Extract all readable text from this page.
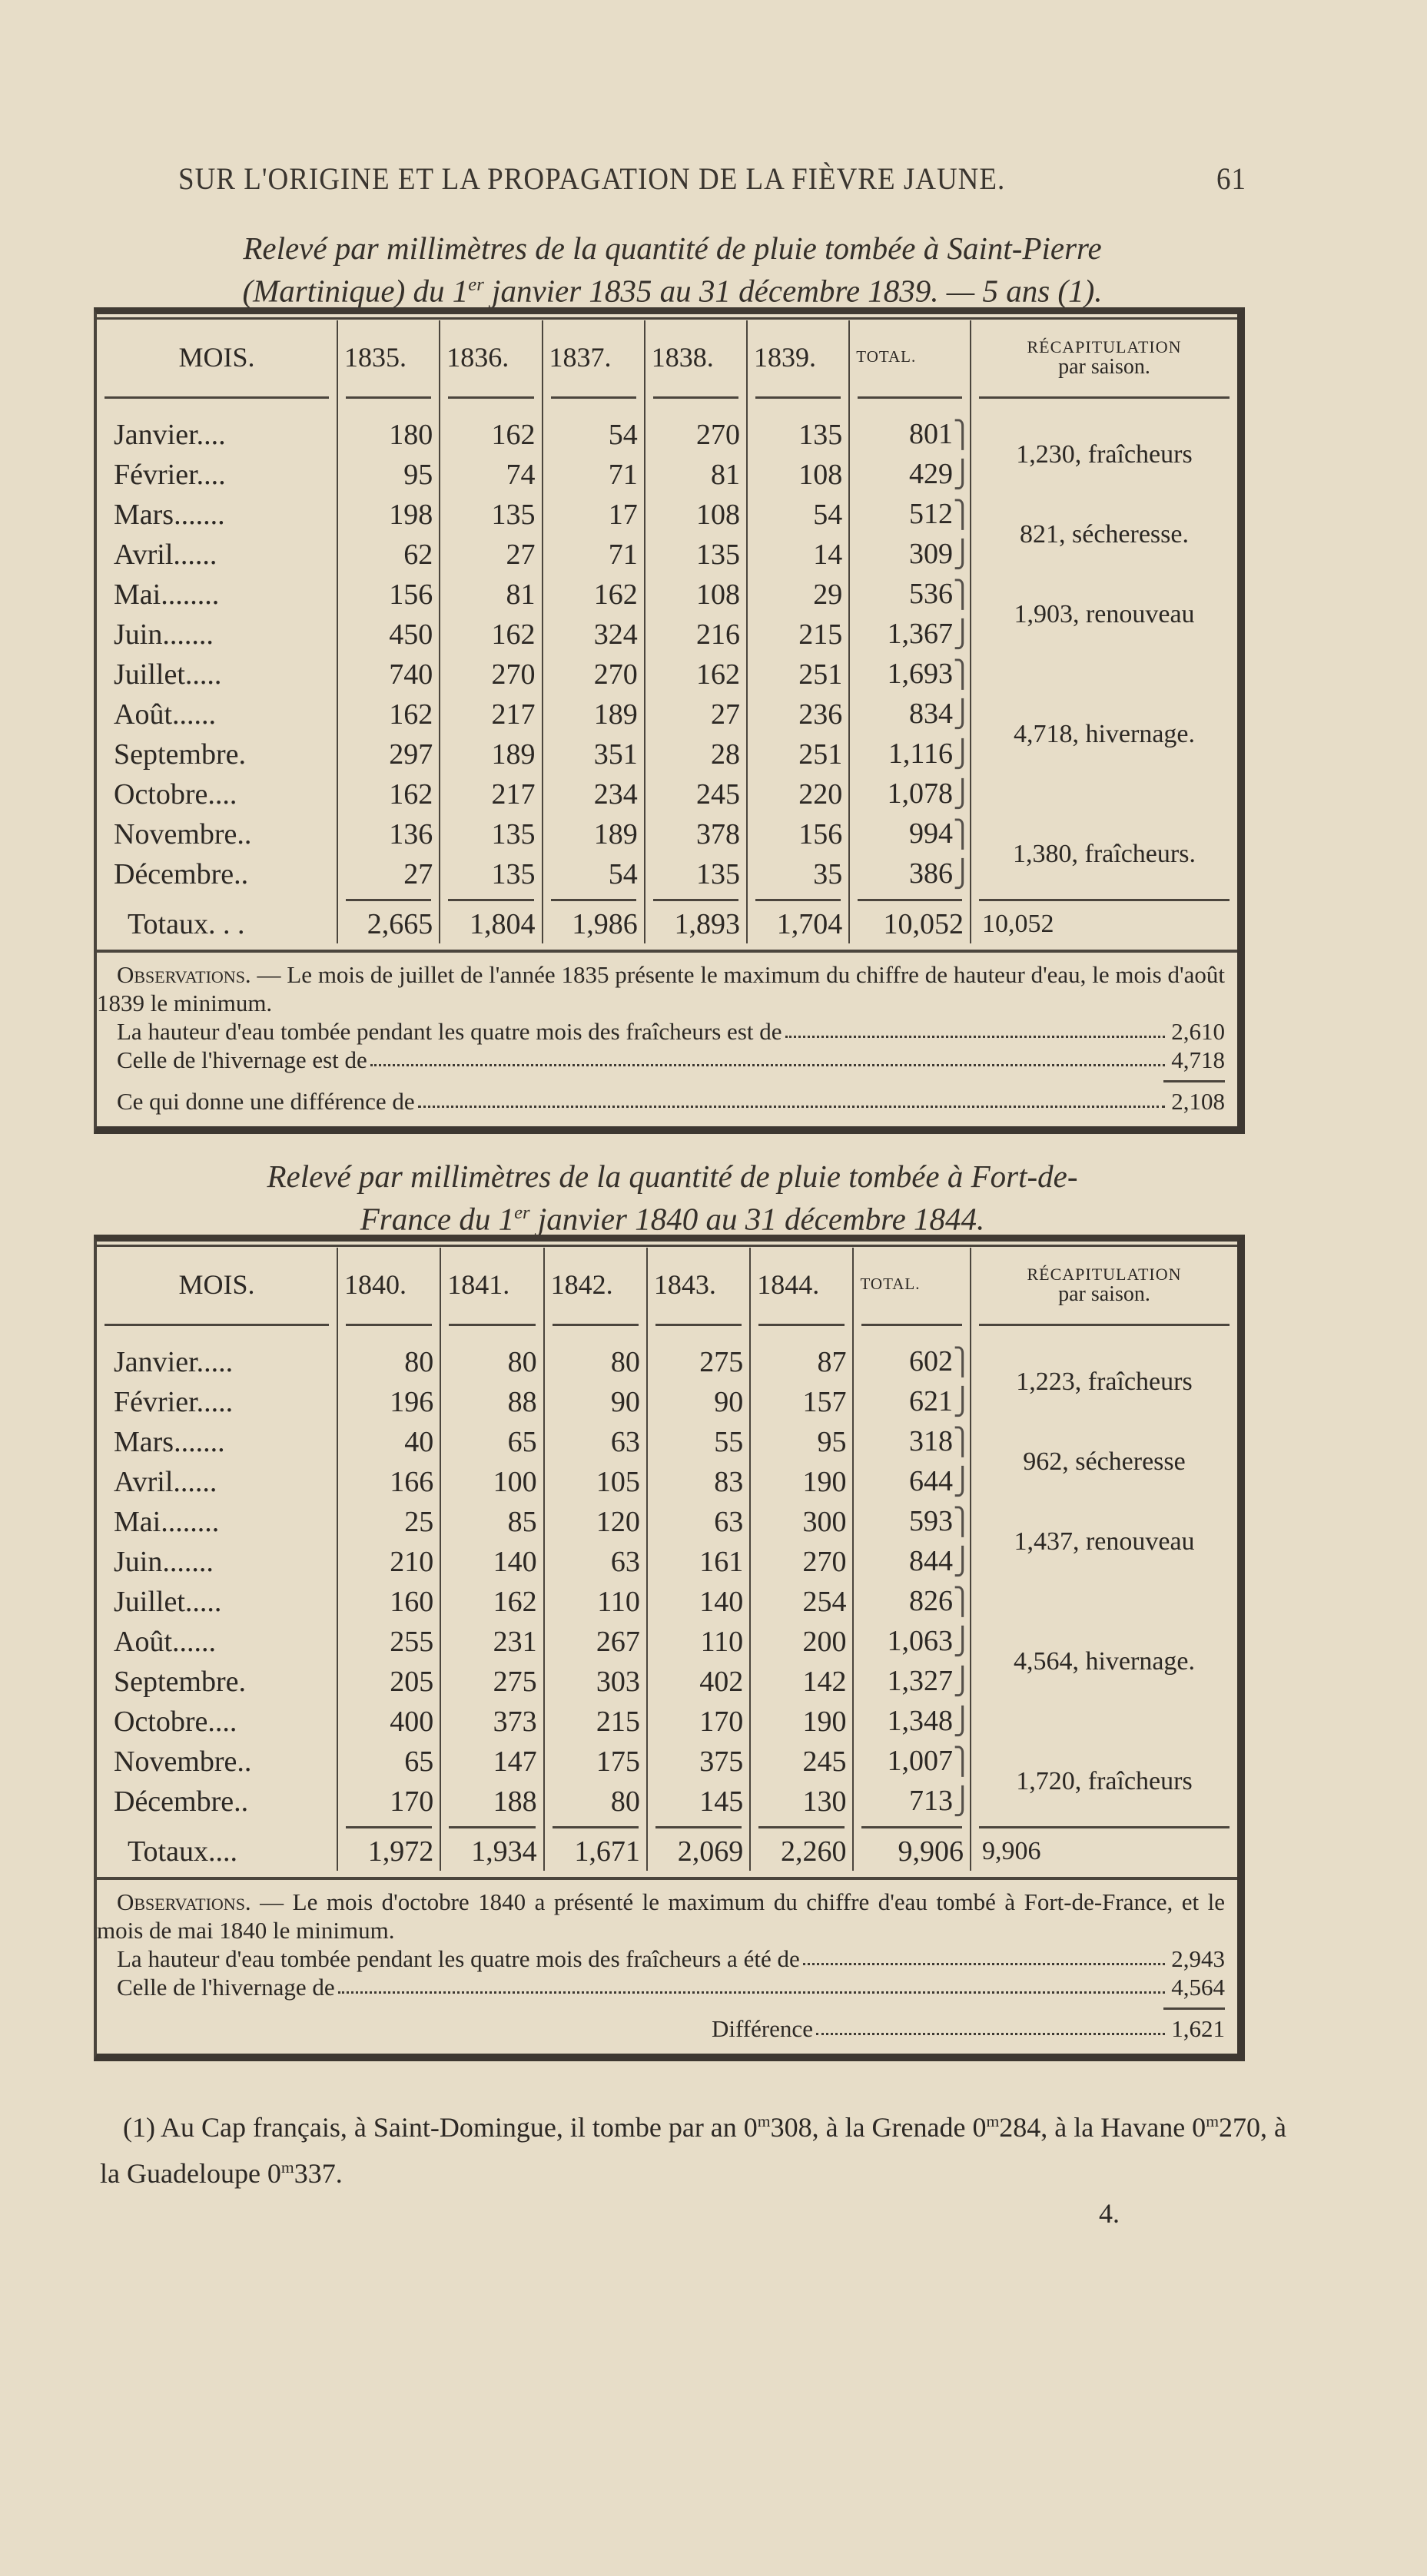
SUR L'ORIGINE ET LA PROPAGATION DE LA FIÈVRE JAUNE.	61
Relevé par millimètres de la quantité de pluie tombée à Saint-Pierre
(Martinique) du 1er janvier 1835 au 31 décembre 1839. — 5 ans (1).
MOIS.	1835.	1836.	1837.	1838.	1839.	TOTAL.	RÉCAPITULATION
par saison.

Janvier....	180	162	54	270	135	801⎫	1,230, fraîcheurs
Février....	95	74	71	81	108	429⎭	
Mars.......	198	135	17	108	54	512⎫	821, sécheresse.
Avril......	62	27	71	135	14	309⎭	
Mai........	156	81	162	108	29	536⎫	1,903, renouveau
Juin.......	450	162	324	216	215	1,367⎭	
Juillet.....	740	270	270	162	251	1,693⎫	4,718, hivernage.
Août......	162	217	189	27	236	834⎭	
Septembre.	297	189	351	28	251	1,116⎭	
Octobre....	162	217	234	245	220	1,078⎭	
Novembre..	136	135	189	378	156	994⎫	1,380, fraîcheurs.
Décembre..	27	135	54	135	35	386⎭	

Totaux. . .	2,665	1,804	1,986	1,893	1,704	10,052	10,052
Observations. — Le mois de juillet de l'année 1835 présente le maximum du chiffre de hauteur d'eau, le mois d'août 1839 le minimum.
La hauteur d'eau tombée pendant les quatre mois des fraîcheurs est de	2,610
Celle de l'hivernage est de	4,718
Ce qui donne une différence de	2,108
Relevé par millimètres de la quantité de pluie tombée à Fort-de-
France du 1er janvier 1840 au 31 décembre 1844.
MOIS.	1840.	1841.	1842.	1843.	1844.	TOTAL.	RÉCAPITULATION
par saison.

Janvier.....	80	80	80	275	87	602⎫	1,223, fraîcheurs
Février.....	196	88	90	90	157	621⎭	
Mars.......	40	65	63	55	95	318⎫	962, sécheresse
Avril......	166	100	105	83	190	644⎭	
Mai........	25	85	120	63	300	593⎫	1,437, renouveau
Juin.......	210	140	63	161	270	844⎭	
Juillet.....	160	162	110	140	254	826⎫	4,564, hivernage.
Août......	255	231	267	110	200	1,063⎭	
Septembre.	205	275	303	402	142	1,327⎭	
Octobre....	400	373	215	170	190	1,348⎭	
Novembre..	65	147	175	375	245	1,007⎫	1,720, fraîcheurs
Décembre..	170	188	80	145	130	713⎭	

Totaux....	1,972	1,934	1,671	2,069	2,260	9,906	9,906
Observations. — Le mois d'octobre 1840 a présenté le maximum du chiffre d'eau tombé à Fort-de-France, et le mois de mai 1840 le minimum.
La hauteur d'eau tombée pendant les quatre mois des fraîcheurs a été de	2,943
Celle de l'hivernage de	4,564
Différence	1,621
(1) Au Cap français, à Saint-Domingue, il tombe par an 0$^m$308, à la Grenade 0$^m$284, à la Havane 0$^m$270, à la Guadeloupe 0$^m$337.
4.
